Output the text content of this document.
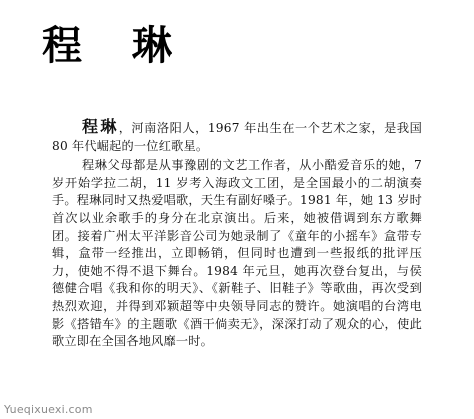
程 琳

程琳，河南洛阳人，1967 年出生在一个艺术之家，是我国 80 年代崛起的一位红歌星。

程琳父母都是从事豫剧的文艺工作者，从小酷爱音乐的她，7 岁开始学拉二胡，11 岁考入海政文工团，是全国最小的二胡演奏手。程琳同时又热爱唱歌，天生有副好嗓子。1981 年，她 13 岁时首次以业余歌手的身分在北京演出。后来，她被借调到东方歌舞团。接着广州太平洋影音公司为她录制了《童年的小摇车》盒带专辑，盒带一经推出，立即畅销，但同时也遭到一些报纸的批评压力，使她不得不退下舞台。1984 年元旦，她再次登台复出，与侯德健合唱《我和你的明天》、《新鞋子、旧鞋子》等歌曲，再次受到热烈欢迎，并得到邓颖超等中央领导同志的赞许。她演唱的台湾电影《搭错车》的主题歌《酒干倘卖无》，深深打动了观众的心，使此歌立即在全国各地风靡一时。

Yueqixuexi.com
